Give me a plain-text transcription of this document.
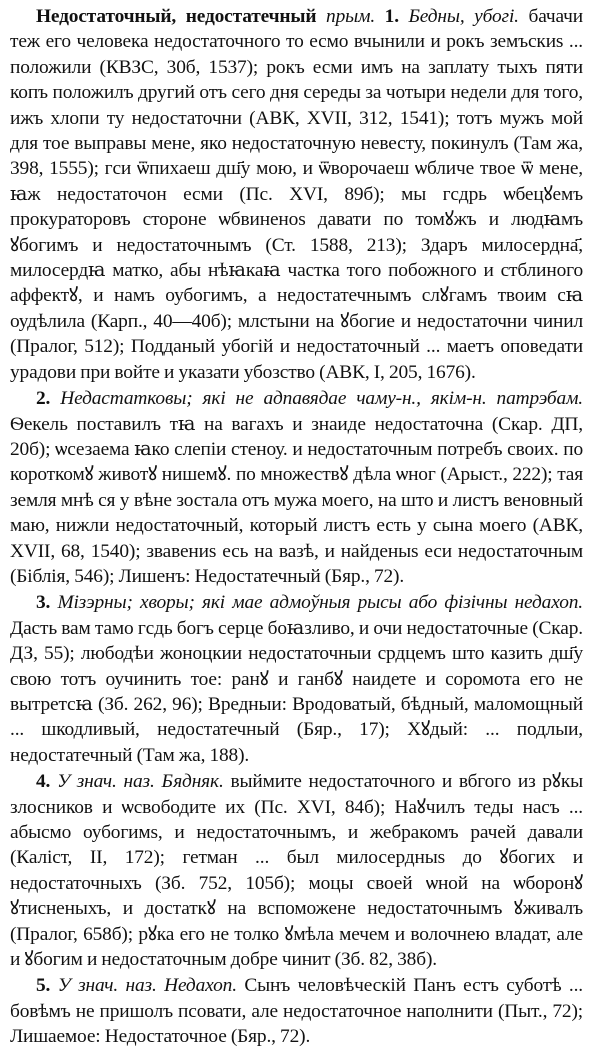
Недостаточный, недостатечный прым. 1. Бедны, убогі. бачачи теж его человека недостаточного то есмо вчынили и рокъ земъскиѕ ... положили (КВЗС, 30б, 1537); рокъ есми имъ на заплату тыхъ пяти копъ положилъ другий отъ сего дня середы за чотыри недели для того, ижъ хлопи ту недостаточни (АВК, XVII, 312, 1541); тотъ мужъ мой для тое выправы мене, яко недостаточную невесту, покинулъ (Там жа, 398, 1555); гси ѿпихаеш дш҃у мою, и ѿворочаеш ѡбличе твое ѿ мене, ꙗж недостаточон есми (Пс. XVI, 89б); мы гсдрь ѡбецꙋемъ прокураторовъ стороне ѡбвиненоѕ давати по томꙋжъ и людꙗмъ ꙋбогимъ и недостаточнымъ (Ст. 1588, 213); Здаръ милосердна҃, милосердꙗ матко, абы нѣꙗкаꙗ частка того побожного и стблиного аффектꙋ, и намъ оубогимъ, а недостатечнымъ слꙋгамъ твоим сꙗ оудѣлила (Карп., 40—40б); млстыни на ꙋбогие и недостаточни чинил (Пралог, 512); Подданый убогій и недостаточный ... маетъ оповедати урадови при войте и указати убозство (АВК, I, 205, 1676).

2. Недастатковы; які не адпавядае чаму-н., якім-н. патрэбам. Ѳекель поставилъ тꙗ на вагахъ и знаиде недостаточна (Скар. ДП, 20б); ѡсезаема ꙗко слепiи стеноу. и недостаточным потребъ своих. по короткомꙋ животꙋ нишемꙋ. по множествꙋ дѣла ѡног (Арыст., 222); тая земля мнѣ ся у вѣне зостала отъ мужа моего, на што и листъ веновный маю, нижли недостаточный, который листъ есть у сына моего (АВК, XVII, 68, 1540); звавениѕ есь на вазѣ, и найденыѕ еси недостаточным (Біблія, 546); Лишенъ: Недостатечный (Бяр., 72).

3. Мізэрны; хворы; які мае адмоўныя рысы або фізічны недахоп. Дасть вам тамо гсдь богъ серце боꙗзливо, и очи недостаточные (Скар. ДЗ, 55); любодѣи жоноцкии недостаточныи срдцемъ што казить дш҃у свою тотъ оучинить тое: ранꙋ и ганбꙋ наидете и соромота его не вытретсꙗ (Зб. 262, 96); Вредныи: Вродоватый, бѣдный, маломощный ... шкодливый, недостатечный (Бяр., 17); Хꙋдый: ... подлыи, недостатечный (Там жа, 188).

4. У знач. наз. Бядняк. выймите недостаточного и вбгого из рꙋкы злосников и ѡсвободите их (Пс. XVI, 84б); Наꙋчилъ теды насъ ... абысмо оубогимѕ, и недостаточнымъ, и жебракомъ рачей давали (Каліст, II, 172); гетман ... был милосердныѕ до ꙋбогих и недостаточныхъ (Зб. 752, 105б); моцы своей ѡной на ѡборонꙋ ꙋтисненыхъ, и достаткꙋ на вспоможене недостаточнымъ ꙋживалъ (Пралог, 658б); рꙋка его не толко ꙋмѣла мечем и волочнею владат, але и ꙋбогим и недостаточным добре чинит (Зб. 82, 38б).

5. У знач. наз. Недахоп. Сынъ человѣческій Панъ естъ суботѣ ... бовѣмъ не пришолъ псовати, але недостаточное наполнити (Пыт., 72); Лишаемое: Недостаточное (Бяр., 72).
